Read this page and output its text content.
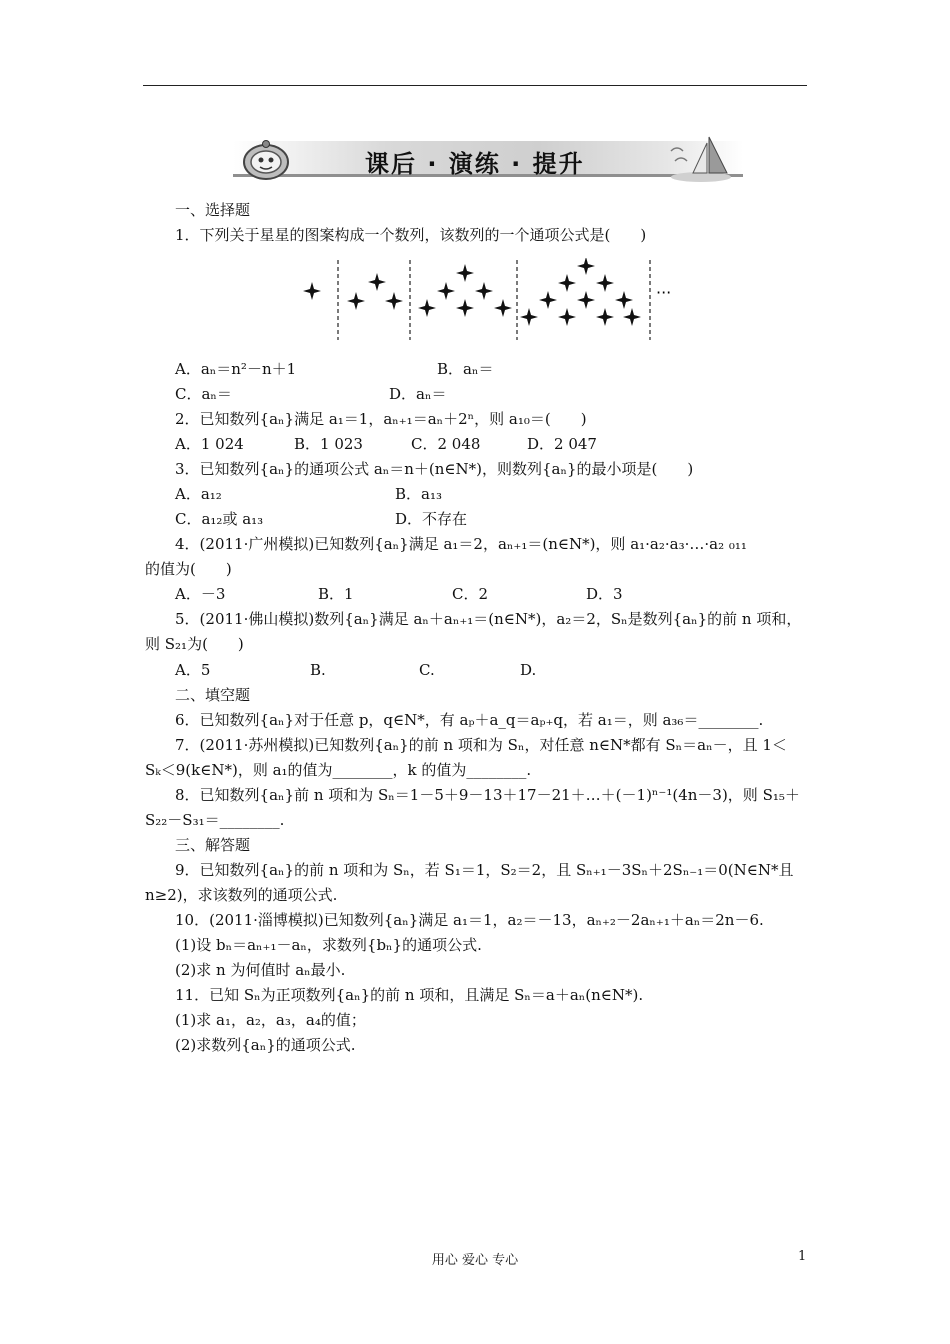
课后 · 演练 · 提升
一、选择题
1．下列关于星星的图案构成一个数列，该数列的一个通项公式是(　　)
···
A．aₙ＝n²－n＋1	B．aₙ＝
C．aₙ＝	D．aₙ＝
2．已知数列{aₙ}满足 a₁＝1，aₙ₊₁＝aₙ＋2ⁿ，则 a₁₀＝(　　)
A．1 024	B．1 023	C．2 048	D．2 047
3．已知数列{aₙ}的通项公式 aₙ＝n＋(n∈N*)，则数列{aₙ}的最小项是(　　)
A．a₁₂	B．a₁₃
C．a₁₂或 a₁₃	D．不存在
4．(2011·广州模拟)已知数列{aₙ}满足 a₁＝2，aₙ₊₁＝(n∈N*)，则 a₁·a₂·a₃·…·a₂ ₀₁₁
的值为(　　)
A．－3	B．1	C．2	D．3
5．(2011·佛山模拟)数列{aₙ}满足 aₙ＋aₙ₊₁＝(n∈N*)，a₂＝2，Sₙ是数列{aₙ}的前 n 项和，
则 S₂₁为(　　)
A．5	B.	C.	D.
二、填空题
6．已知数列{aₙ}对于任意 p，q∈N*，有 aₚ＋a_q＝aₚ₊q，若 a₁＝，则 a₃₆＝________.
7．(2011·苏州模拟)已知数列{aₙ}的前 n 项和为 Sₙ，对任意 n∈N*都有 Sₙ＝aₙ－，且 1＜
Sₖ＜9(k∈N*)，则 a₁的值为________，k 的值为________.
8．已知数列{aₙ}前 n 项和为 Sₙ＝1－5＋9－13＋17－21＋…＋(－1)ⁿ⁻¹(4n－3)，则 S₁₅＋
S₂₂－S₃₁＝________.
三、解答题
9．已知数列{aₙ}的前 n 项和为 Sₙ，若 S₁＝1，S₂＝2，且 Sₙ₊₁－3Sₙ＋2Sₙ₋₁＝0(N∈N*且
n≥2)，求该数列的通项公式.
10．(2011·淄博模拟)已知数列{aₙ}满足 a₁＝1，a₂＝－13，aₙ₊₂－2aₙ₊₁＋aₙ＝2n－6.
(1)设 bₙ＝aₙ₊₁－aₙ，求数列{bₙ}的通项公式.
(2)求 n 为何值时 aₙ最小.
11．已知 Sₙ为正项数列{aₙ}的前 n 项和，且满足 Sₙ＝a＋aₙ(n∈N*).
(1)求 a₁，a₂，a₃，a₄的值；
(2)求数列{aₙ}的通项公式.
用心 爱心 专心	1
